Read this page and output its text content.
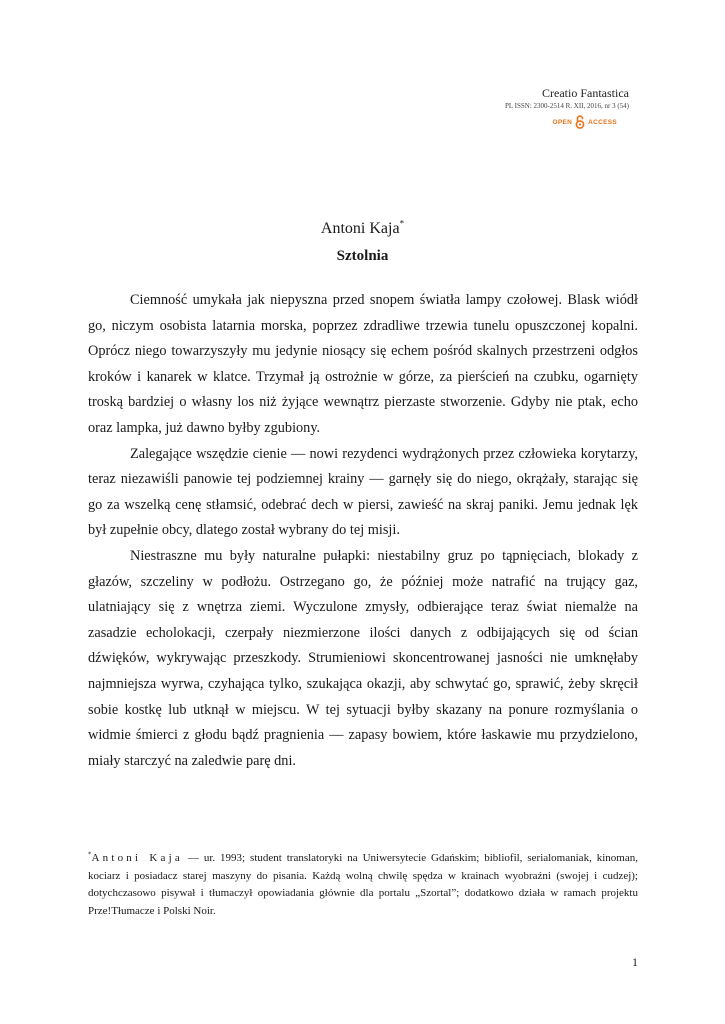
Creatio Fantastica
PL ISSN: 2300-2514 R. XII, 2016, nr 3 (54)
OPEN ACCESS
Antoni Kaja*
Sztolnia

Ciemność umykała jak niepyszna przed snopem światła lampy czołowej. Blask wiódł go, niczym osobista latarnia morska, poprzez zdradliwe trzewia tunelu opuszczonej kopalni. Oprócz niego towarzyszyły mu jedynie niosący się echem pośród skalnych przestrzeni odgłos kroków i kanarek w klatce. Trzymał ją ostrożnie w górze, za pierścień na czubku, ogarnięty troską bardziej o własny los niż żyjące wewnątrz pierzaste stworzenie. Gdyby nie ptak, echo oraz lampka, już dawno byłby zgubiony.

Zalegające wszędzie cienie — nowi rezydenci wydrążonych przez człowieka korytarzy, teraz niezawiśli panowie tej podziemnej krainy — garnęły się do niego, okrążały, starając się go za wszelką cenę stłamsić, odebrać dech w piersi, zawieść na skraj paniki. Jemu jednak lęk był zupełnie obcy, dlatego został wybrany do tej misji.

Niestraszne mu były naturalne pułapki: niestabilny gruz po tąpnięciach, blokady z głazów, szczeliny w podłożu. Ostrzegano go, że później może natrafić na trujący gaz, ulatniający się z wnętrza ziemi. Wyczulone zmysły, odbierające teraz świat niemalże na zasadzie echolokacji, czerpały niezmierzone ilości danych z odbijających się od ścian dźwięków, wykrywając przeszkody. Strumieniowi skoncentrowanej jasności nie umknęłaby najmniejsza wyrwa, czyhająca tylko, szukająca okazji, aby schwytać go, sprawić, żeby skręcił sobie kostkę lub utknął w miejscu. W tej sytuacji byłby skazany na ponure rozmyślania o widmie śmierci z głodu bądź pragnienia — zapasy bowiem, które łaskawie mu przydzielono, miały starczyć na zaledwie parę dni.

*Antoni Kaja — ur. 1993; student translatoryki na Uniwersytecie Gdańskim; bibliofil, serialomaniak, kinoman, kociarz i posiadacz starej maszyny do pisania. Każdą wolną chwilę spędza w krainach wyobraźni (swojej i cudzej); dotychczasowo pisywał i tłumaczył opowiadania głównie dla portalu „Szortal”; dodatkowo działa w ramach projektu Prze!Tłumacze i Polski Noir.
1
